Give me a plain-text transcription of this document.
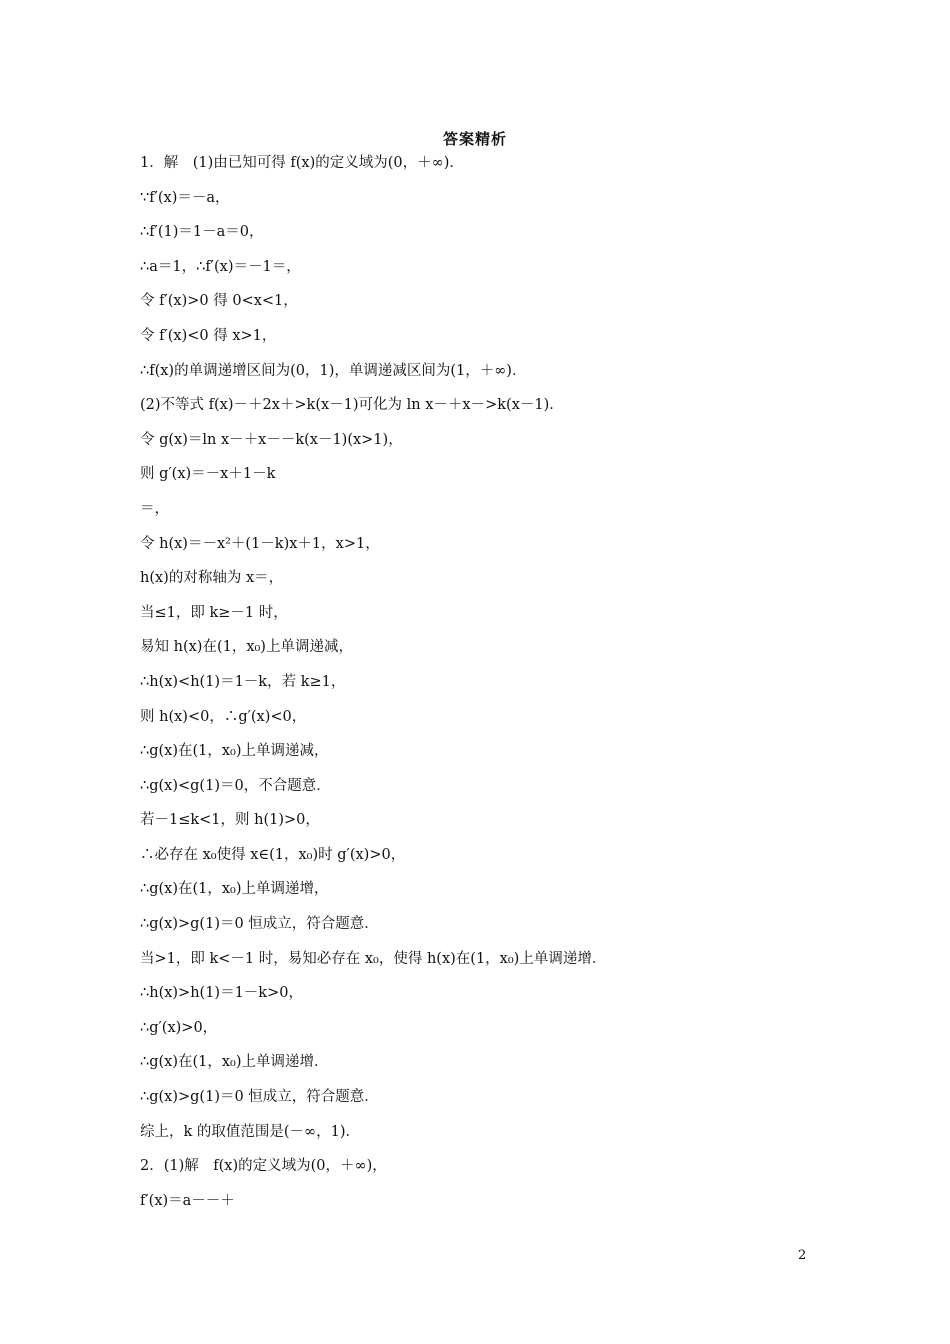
答案精析
1．解　(1)由已知可得 f(x)的定义域为(0，＋∞)．
∵f′(x)＝－a，
∴f′(1)＝1－a＝0，
∴a＝1，∴f′(x)＝－1＝，
令 f′(x)>0 得 0<x<1，
令 f′(x)<0 得 x>1，
∴f(x)的单调递增区间为(0，1)，单调递减区间为(1，＋∞)．
(2)不等式 f(x)－＋2x＋>k(x－1)可化为 ln x－＋x－>k(x－1)．
令 g(x)＝ln x－＋x－－k(x－1)(x>1)，
则 g′(x)＝－x＋1－k
＝，
令 h(x)＝－x²＋(1－k)x＋1，x>1，
h(x)的对称轴为 x＝，
当≤1，即 k≥－1 时，
易知 h(x)在(1，x₀)上单调递减，
∴h(x)<h(1)＝1－k，若 k≥1，
则 h(x)<0，∴g′(x)<0，
∴g(x)在(1，x₀)上单调递减，
∴g(x)<g(1)＝0，不合题意．
若－1≤k<1，则 h(1)>0，
∴必存在 x₀使得 x∈(1，x₀)时 g′(x)>0，
∴g(x)在(1，x₀)上单调递增，
∴g(x)>g(1)＝0 恒成立，符合题意．
当>1，即 k<－1 时，易知必存在 x₀，使得 h(x)在(1，x₀)上单调递增．
∴h(x)>h(1)＝1－k>0，
∴g′(x)>0，
∴g(x)在(1，x₀)上单调递增．
∴g(x)>g(1)＝0 恒成立，符合题意．
综上，k 的取值范围是(－∞，1)．
2．(1)解　f(x)的定义域为(0，＋∞)，
f′(x)＝a－－＋
2
